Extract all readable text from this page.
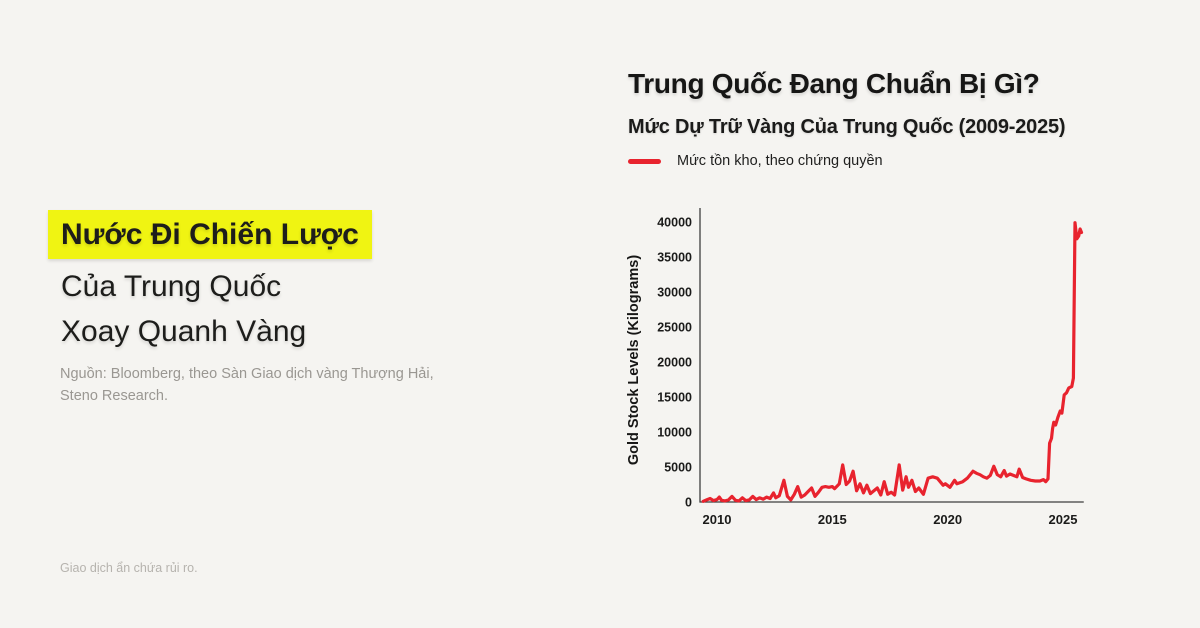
Nước Đi Chiến Lược
Của Trung Quốc
Xoay Quanh Vàng
Nguồn: Bloomberg, theo Sàn Giao dịch vàng Thượng Hải,
Steno Research.
Giao dịch ẩn chứa rủi ro.
Trung Quốc Đang Chuẩn Bị Gì?
Mức Dự Trữ Vàng Của Trung Quốc (2009-2025)
Mức tồn kho, theo chứng quyền
0
5000
10000
15000
20000
25000
30000
35000
40000
2010	2015	2020	2025
Gold Stock Levels (Kilograms)
